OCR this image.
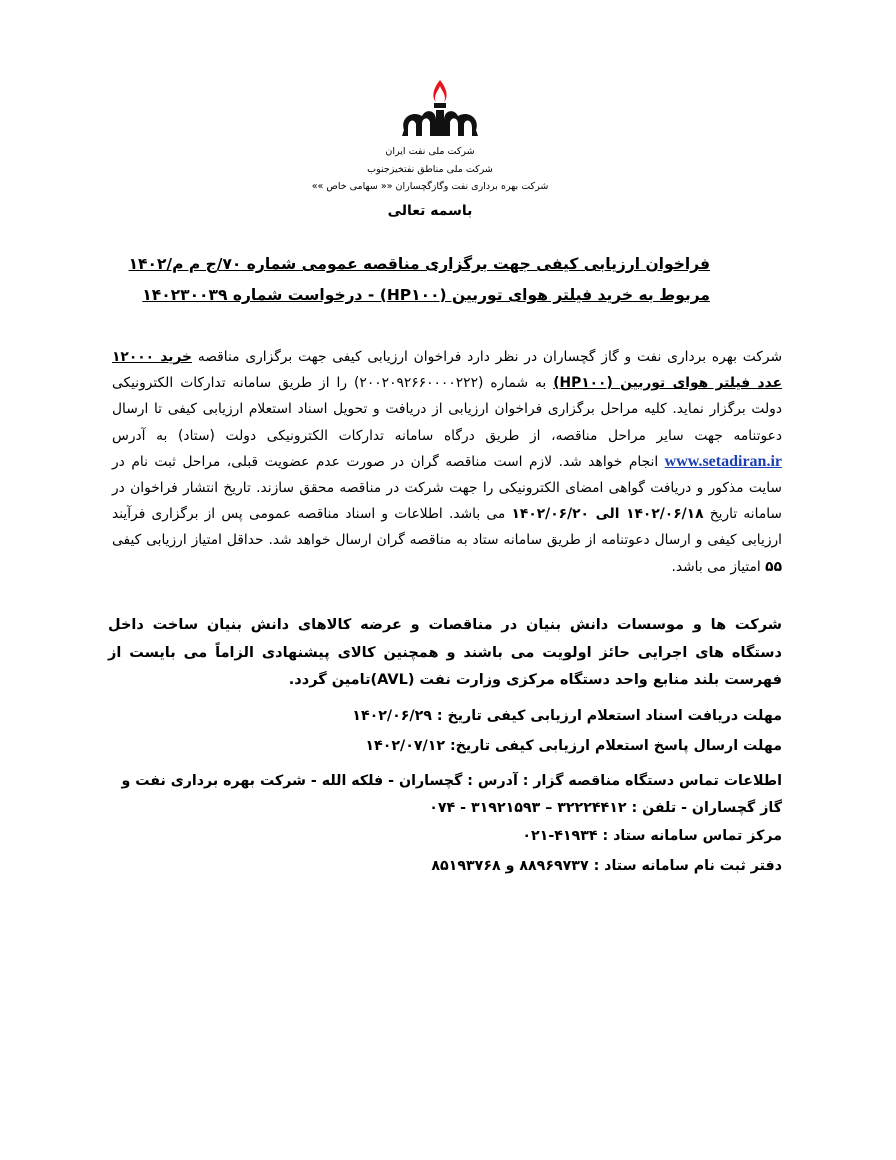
شرکت ملی نفت ایران
شرکت ملی مناطق نفتخیزجنوب
شرکت بهره برداری نفت وگازگچساران «« سهامی خاص »»
باسمه تعالی
فراخوان ارزیابی کیفی جهت برگزاری مناقصه عمومی شماره ۷۰/ج م م/۱۴۰۲
مربوط به خرید فیلتر هوای توربین (HP۱۰۰) - درخواست شماره ۱۴۰۲۳۰۰۳۹
شرکت بهره برداری نفت و گاز گچساران در نظر دارد فراخوان ارزیابی کیفی جهت برگزاری مناقصه خرید ۱۲۰۰۰ عدد فیلتر هوای توربین (HP۱۰۰) به شماره (۲۰۰۲۰۹۲۶۶۰۰۰۰۲۲۲) را از طریق سامانه تدارکات الکترونیکی دولت برگزار نماید. کلیه مراحل برگزاری فراخوان ارزیابی از دریافت و تحویل اسناد استعلام ارزیابی کیفی تا ارسال دعوتنامه جهت سایر مراحل مناقصه، از طریق درگاه سامانه تدارکات الکترونیکی دولت (ستاد) به آدرس www.setadiran.ir انجام خواهد شد. لازم است مناقصه گران در صورت عدم عضویت قبلی، مراحل ثبت نام در سایت مذکور و دریافت گواهی امضای الکترونیکی را جهت شرکت در مناقصه محقق سازند. تاریخ انتشار فراخوان در سامانه تاریخ ۱۴۰۲/۰۶/۱۸ الی ۱۴۰۲/۰۶/۲۰ می باشد. اطلاعات و اسناد مناقصه عمومی پس از برگزاری فرآیند ارزیابی کیفی و ارسال دعوتنامه از طریق سامانه ستاد به مناقصه گران ارسال خواهد شد. حداقل امتیاز ارزیابی کیفی ۵۵ امتیاز می باشد.
شرکت ها و موسسات دانش بنیان در مناقصات و عرضه کالاهای دانش بنیان ساخت داخل دستگاه های اجرایی حائز اولویت می باشند و همچنین کالای پیشنهادی الزاماً می بایست از فهرست بلند منابع واحد دستگاه مرکزی وزارت نفت (AVL)تامین گردد.
مهلت دریافت اسناد استعلام ارزیابی کیفی تاریخ : ۱۴۰۲/۰۶/۲۹
مهلت ارسال پاسخ استعلام ارزیابی کیفی تاریخ: ۱۴۰۲/۰۷/۱۲
اطلاعات تماس دستگاه مناقصه گزار : آدرس : گچساران - فلکه الله - شرکت بهره برداری نفت و گاز گچساران - تلفن : ۳۲۲۲۴۴۱۲ – ۳۱۹۲۱۵۹۳ - ۰۷۴
مرکز تماس سامانه ستاد : ۴۱۹۳۴-۰۲۱
دفتر ثبت نام سامانه ستاد : ۸۸۹۶۹۷۳۷ و ۸۵۱۹۳۷۶۸
